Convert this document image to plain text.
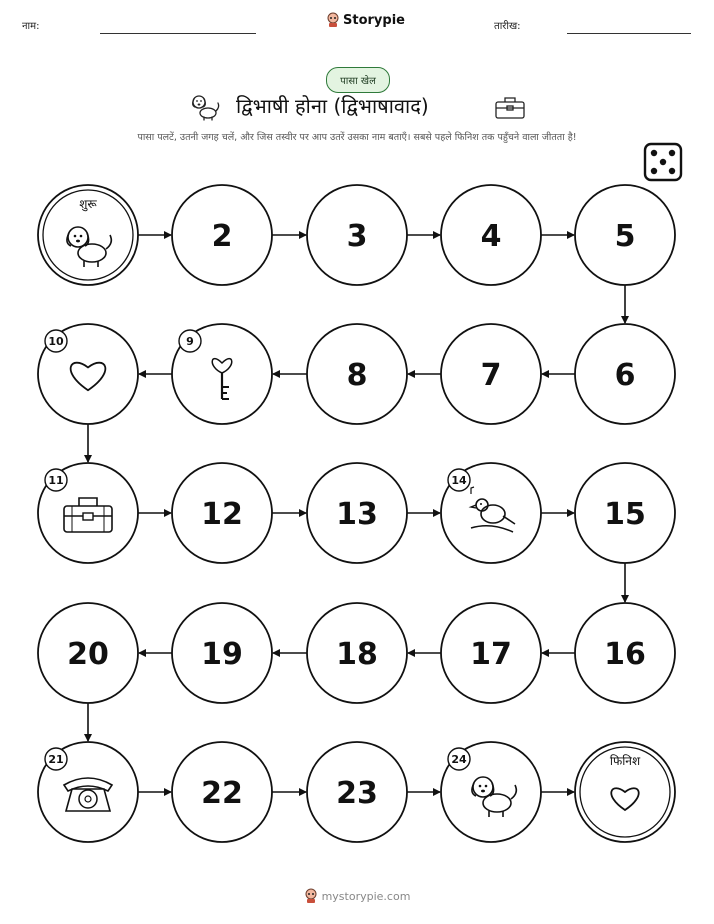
नाम:	Storypie	तारीख:
पासा खेल
द्विभाषी होना (द्विभाषावाद)
पासा पलटें, उतनी जगह चलें, और जिस तस्वीर पर आप उतरें उसका नाम बताएँ। सबसे पहले फिनिश तक पहुँचने वाला जीतता है!
शुरू
2	3	4	5
6
7
8
9
10
11
12	13
14
15
16
17
18
19
20
21
22	23
24	फिनिश
mystorypie.com
